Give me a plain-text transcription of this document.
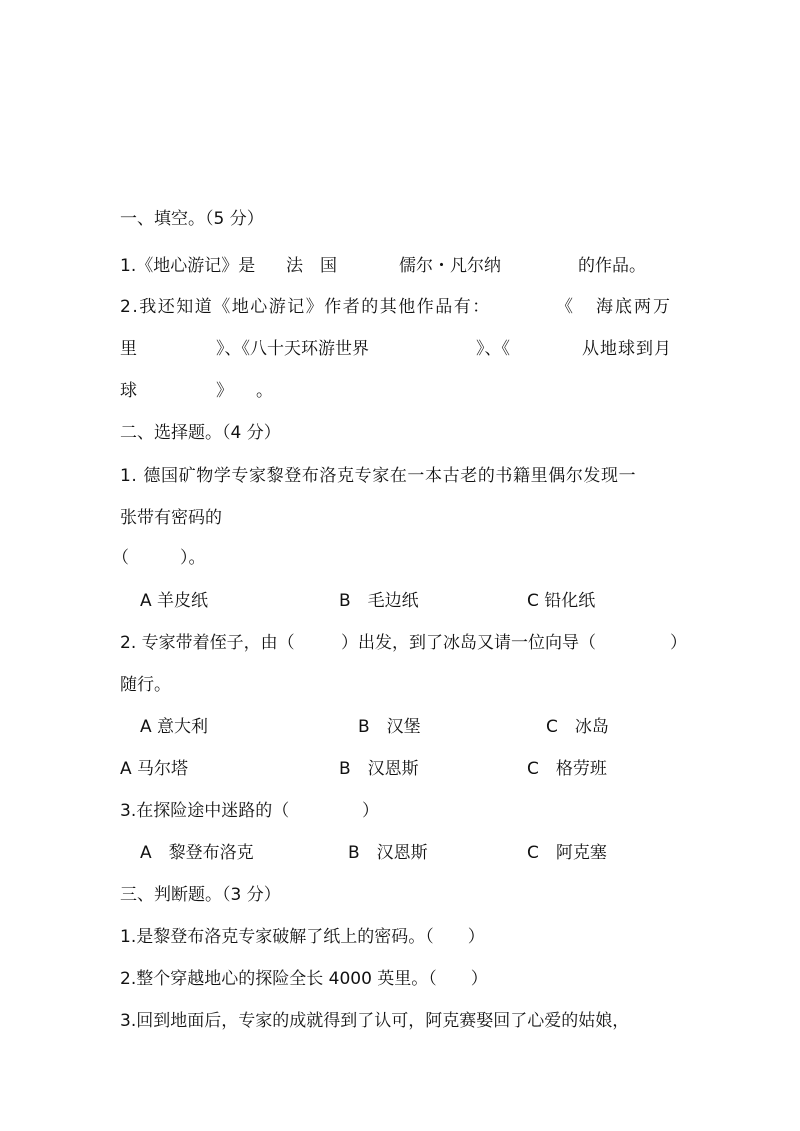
一、填空。（5 分）
1.《地心游记》是 法　国	儒尔・凡尔纳	的作品。
2.我还知道《地心游记》作者的其他作品有：	《 海底两万
里	》、《八十天环游世界	》、《	从地球到月
球	》 。
二、选择题。（4 分）
1. 德国矿物学专家黎登布洛克专家在一本古老的书籍里偶尔发现一
张带有密码的
（　　　）。
A 羊皮纸	B　毛边纸	C 铅化纸
2. 专家带着侄子，由（	）出发，到了冰岛又请一位向导（	）
随行。
A 意大利	B　汉堡	C　冰岛
A 马尔塔	B　汉恩斯	C　格劳班
3.在探险途中迷路的（	）
A　黎登布洛克	B　汉恩斯	C　阿克塞
三、判断题。（3 分）
1.是黎登布洛克专家破解了纸上的密码。（　　）
2.整个穿越地心的探险全长 4000 英里。（　　）
3.回到地面后，专家的成就得到了认可，阿克赛娶回了心爱的姑娘，
